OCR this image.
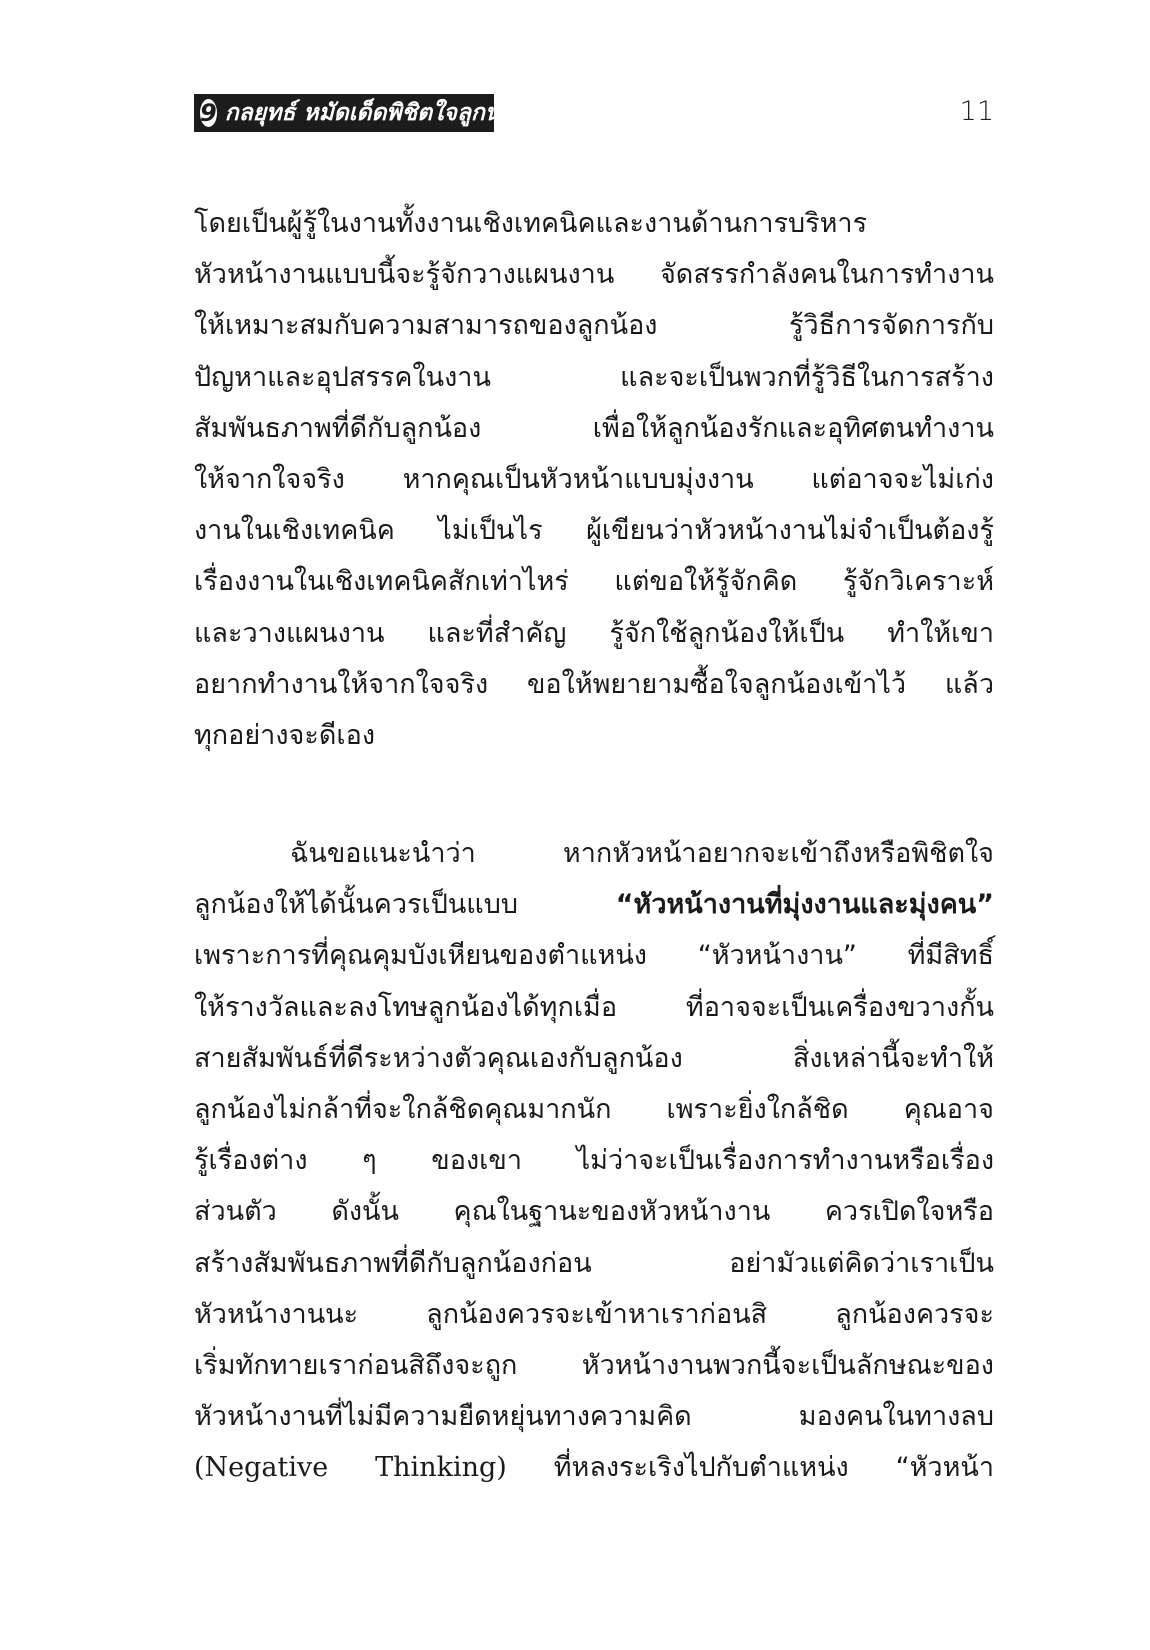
9 กลยุทธ์ หมัดเด็ดพิชิตใจลูกน้อง	11
โดยเป็นผู้รู้ในงานทั้งงานเชิงเทคนิคและงานด้านการบริหาร
หัวหน้างานแบบนี้จะรู้จักวางแผนงาน จัดสรรกำลังคนในการทำงาน
ให้เหมาะสมกับความสามารถของลูกน้อง รู้วิธีการจัดการกับ
ปัญหาและอุปสรรคในงาน และจะเป็นพวกที่รู้วิธีในการสร้าง
สัมพันธภาพที่ดีกับลูกน้อง เพื่อให้ลูกน้องรักและอุทิศตนทำงาน
ให้จากใจจริง หากคุณเป็นหัวหน้าแบบมุ่งงาน แต่อาจจะไม่เก่ง
งานในเชิงเทคนิค ไม่เป็นไร ผู้เขียนว่าหัวหน้างานไม่จำเป็นต้องรู้
เรื่องงานในเชิงเทคนิคสักเท่าไหร่ แต่ขอให้รู้จักคิด รู้จักวิเคราะห์
และวางแผนงาน และที่สำคัญ รู้จักใช้ลูกน้องให้เป็น ทำให้เขา
อยากทำงานให้จากใจจริง ขอให้พยายามซื้อใจลูกน้องเข้าไว้ แล้ว
ทุกอย่างจะดีเอง
ฉันขอแนะนำว่า หากหัวหน้าอยากจะเข้าถึงหรือพิชิตใจ
ลูกน้องให้ได้นั้นควรเป็นแบบ “หัวหน้างานที่มุ่งงานและมุ่งคน”
เพราะการที่คุณคุมบังเหียนของตำแหน่ง “หัวหน้างาน” ที่มีสิทธิ์
ให้รางวัลและลงโทษลูกน้องได้ทุกเมื่อ ที่อาจจะเป็นเครื่องขวางกั้น
สายสัมพันธ์ที่ดีระหว่างตัวคุณเองกับลูกน้อง สิ่งเหล่านี้จะทำให้
ลูกน้องไม่กล้าที่จะใกล้ชิดคุณมากนัก เพราะยิ่งใกล้ชิด คุณอาจ
รู้เรื่องต่าง ๆ ของเขา ไม่ว่าจะเป็นเรื่องการทำงานหรือเรื่อง
ส่วนตัว ดังนั้น คุณในฐานะของหัวหน้างาน ควรเปิดใจหรือ
สร้างสัมพันธภาพที่ดีกับลูกน้องก่อน อย่ามัวแต่คิดว่าเราเป็น
หัวหน้างานนะ ลูกน้องควรจะเข้าหาเราก่อนสิ ลูกน้องควรจะ
เริ่มทักทายเราก่อนสิถึงจะถูก หัวหน้างานพวกนี้จะเป็นลักษณะของ
หัวหน้างานที่ไม่มีความยืดหยุ่นทางความคิด มองคนในทางลบ
(Negative Thinking) ที่หลงระเริงไปกับตำแหน่ง “หัวหน้า
